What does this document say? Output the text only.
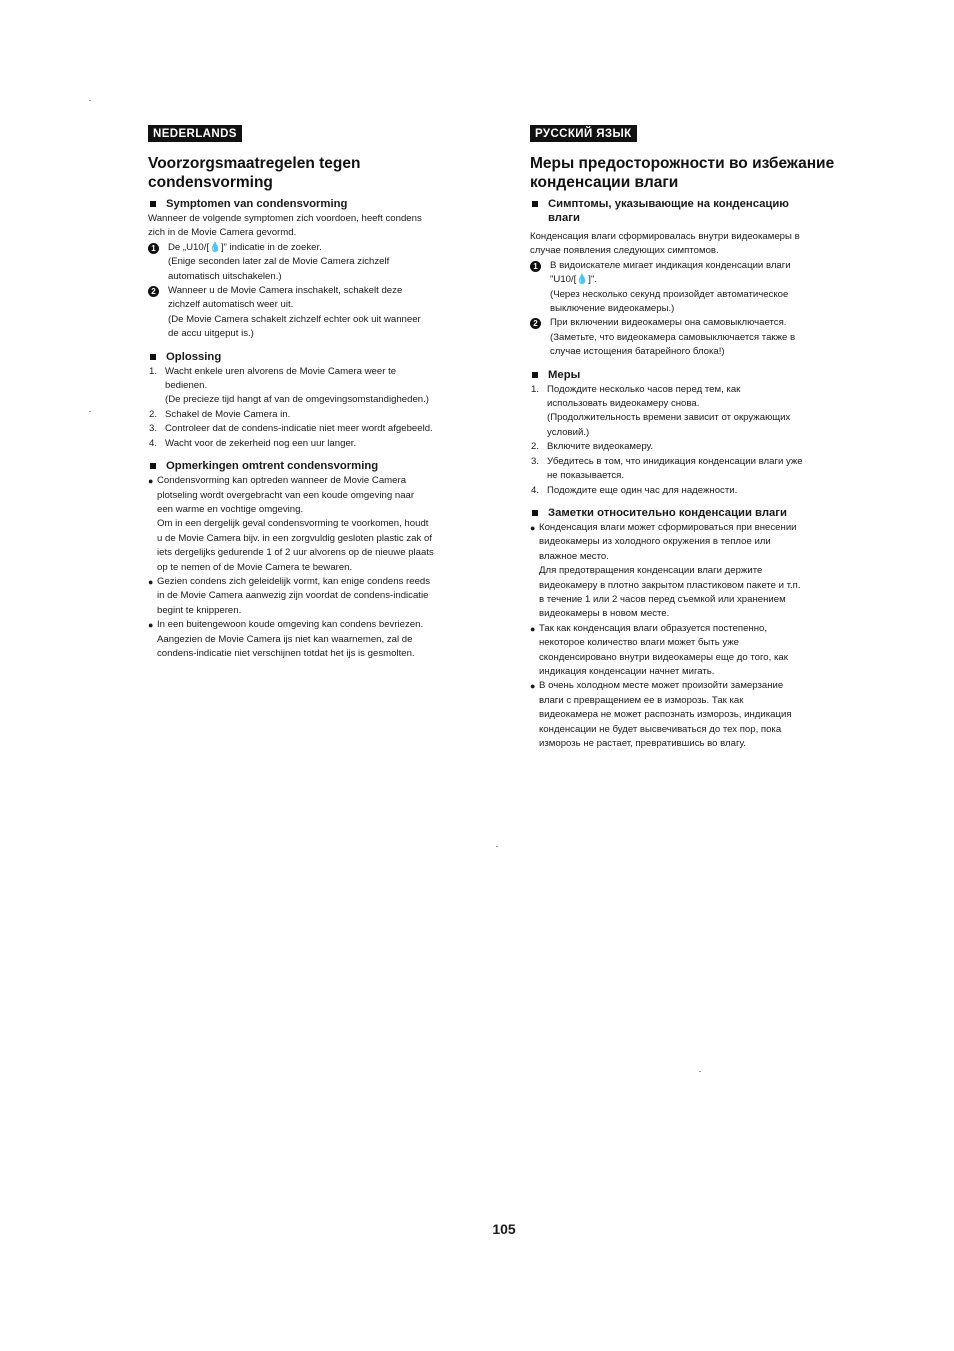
NEDERLANDS
Voorzorgsmaatregelen tegen
condensvorming
Symptomen van condensvorming

Wanneer de volgende symptomen zich voordoen, heeft condens
zich in de Movie Camera gevormd.

1	De „U10/[💧]” indicatie in de zoeker.
(Enige seconden later zal de Movie Camera zichzelf
automatisch uitschakelen.)

2	Wanneer u de Movie Camera inschakelt, schakelt deze
zichzelf automatisch weer uit.
(De Movie Camera schakelt zichzelf echter ook uit wanneer
de accu uitgeput is.)

Oplossing
1. Wacht enkele uren alvorens de Movie Camera weer te
bedienen.
(De precieze tijd hangt af van de omgevingsomstandigheden.)
2. Schakel de Movie Camera in.
3. Controleer dat de condens-indicatie niet meer wordt afgebeeld.
4. Wacht voor de zekerheid nog een uur langer.
Opmerkingen omtrent condensvorming
● Condensvorming kan optreden wanneer de Movie Camera
plotseling wordt overgebracht van een koude omgeving naar
een warme en vochtige omgeving.
Om in een dergelijk geval condensvorming te voorkomen, houdt
u de Movie Camera bijv. in een zorgvuldig gesloten plastic zak of
iets dergelijks gedurende 1 of 2 uur alvorens op de nieuwe plaats
op te nemen of de Movie Camera te bewaren.
● Gezien condens zich geleidelijk vormt, kan enige condens reeds
in de Movie Camera aanwezig zijn voordat de condens-indicatie
begint te knipperen.
● In een buitengewoon koude omgeving kan condens bevriezen.
Aangezien de Movie Camera ijs niet kan waarnemen, zal de
condens-indicatie niet verschijnen totdat het ijs is gesmolten.
РУССКИЙ ЯЗЫК
Меры предосторожности во избежание
конденсации влаги
Симптомы, указывающие на конденсацию
влаги

Конденсация влаги сформировалась внутри видеокамеры в
случае появления следующих симптомов.

1	В видоискателе мигает индикация конденсации влаги
"U10/[💧]".
(Через несколько секунд произойдет автоматическое
выключение видеокамеры.)

2	При включении видеокамеры она самовыключается.
(Заметьте, что видеокамера самовыключается также в
случае истощения батарейного блока!)

Меры
1. Подождите несколько часов перед тем, как
использовать видеокамеру снова.
(Продолжительность времени зависит от окружающих
условий.)
2. Включите видеокамеру.
3. Убедитесь в том, что инидикация конденсации влаги уже
не показывается.
4. Подождите еще один час для надежности.
Заметки относительно конденсации влаги
● Конденсация влаги может сформироваться при внесении
видеокамеры из холодного окружения в теплое или
влажное место.
Для предотвращения конденсации влаги держите
видеокамеру в плотно закрытом пластиковом пакете и т.п.
в течение 1 или 2 часов перед съемкой или хранением
видеокамеры в новом месте.
● Так как конденсация влаги образуется постепенно,
некоторое количество влаги может быть уже
сконденсировано внутри видеокамеры еще до того, как
индикация конденсации начнет мигать.
● В очень холодном месте может произойти замерзание
влаги с превращением ее в изморозь. Так как
видеокамера не может распознать изморозь, индикация
конденсации не будет высвечиваться до тех пор, пока
изморозь не растает, превратившись во влагу.
105
